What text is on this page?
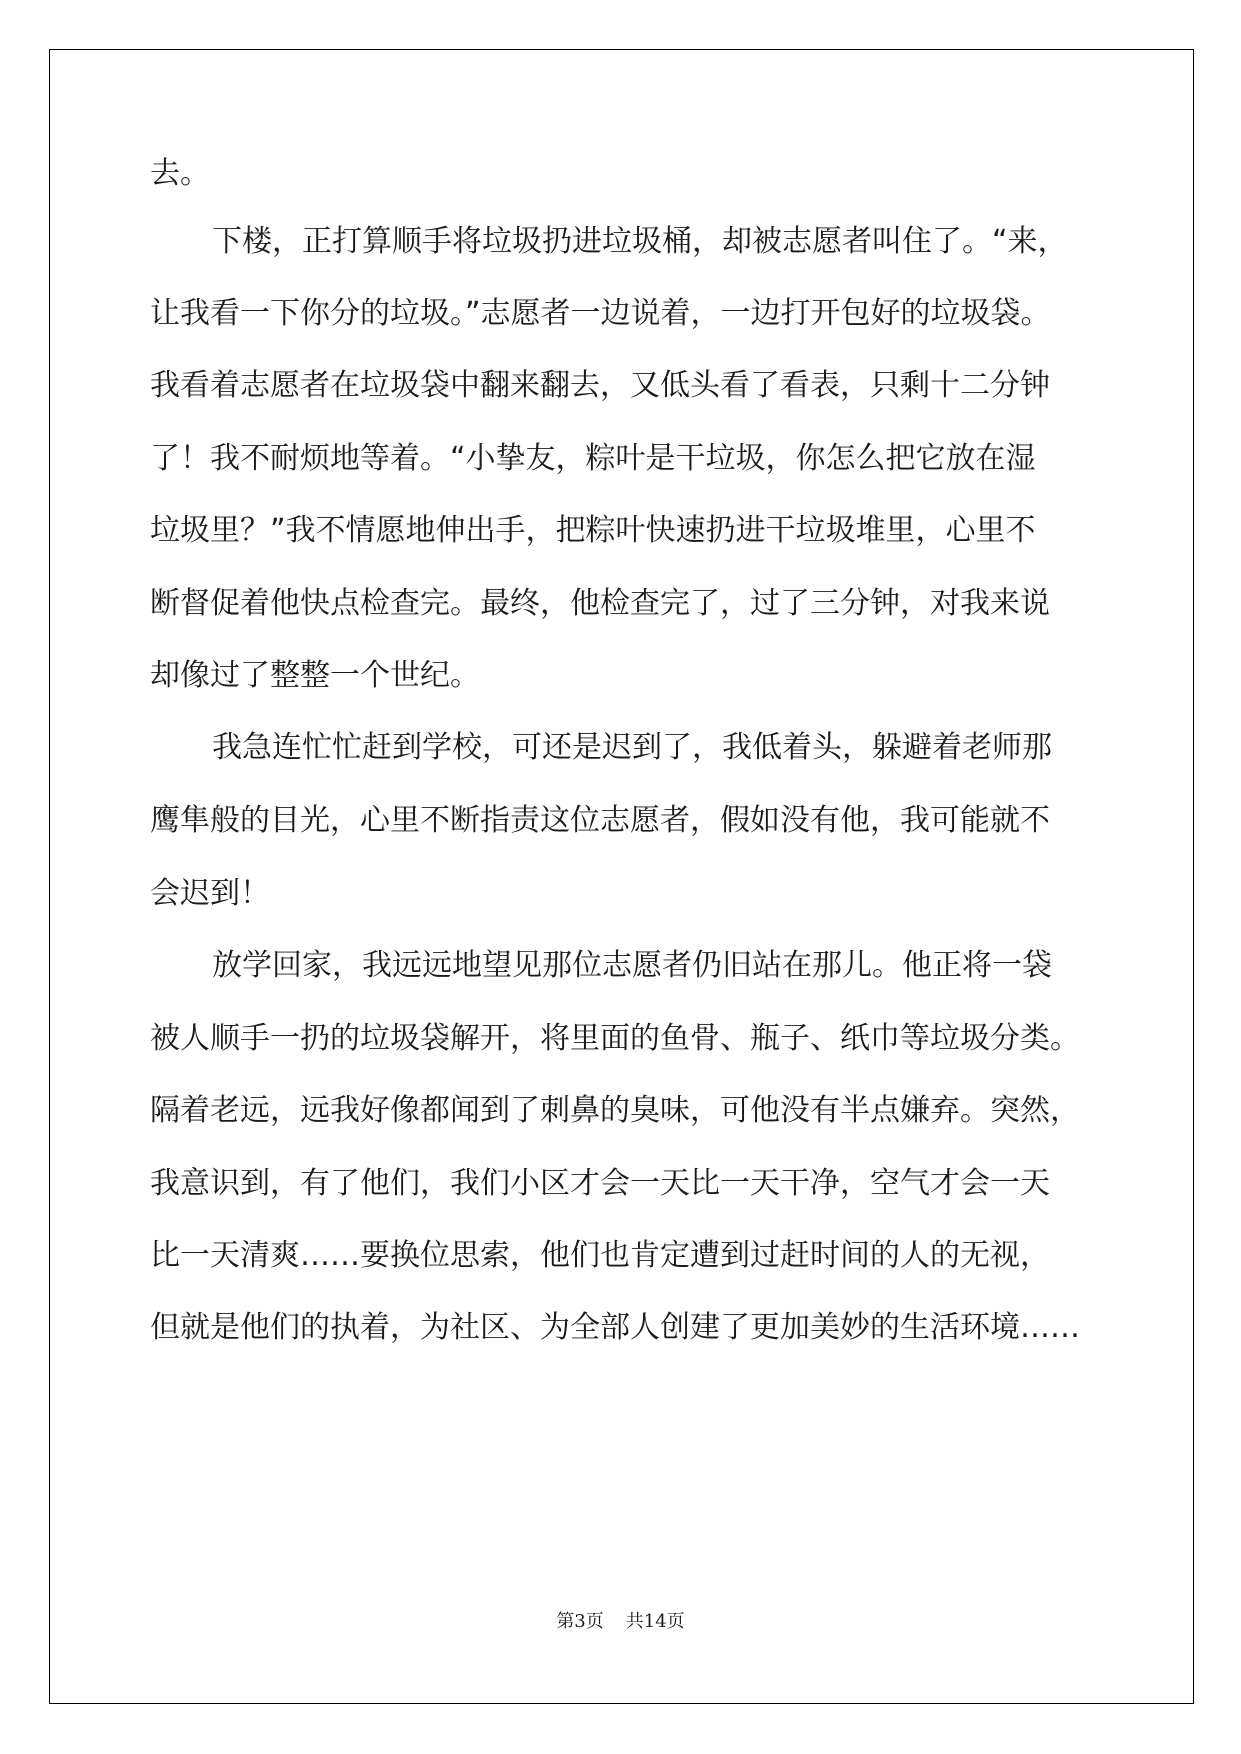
去。

下楼，正打算顺手将垃圾扔进垃圾桶，却被志愿者叫住了。“来，

让我看一下你分的垃圾。”志愿者一边说着，一边打开包好的垃圾袋。

我看着志愿者在垃圾袋中翻来翻去，又低头看了看表，只剩十二分钟

了！我不耐烦地等着。“小挚友，粽叶是干垃圾，你怎么把它放在湿

垃圾里？”我不情愿地伸出手，把粽叶快速扔进干垃圾堆里，心里不

断督促着他快点检查完。最终，他检查完了，过了三分钟，对我来说

却像过了整整一个世纪。

我急连忙忙赶到学校，可还是迟到了，我低着头，躲避着老师那

鹰隼般的目光，心里不断指责这位志愿者，假如没有他，我可能就不

会迟到！

放学回家，我远远地望见那位志愿者仍旧站在那儿。他正将一袋

被人顺手一扔的垃圾袋解开，将里面的鱼骨、瓶子、纸巾等垃圾分类。

隔着老远，远我好像都闻到了刺鼻的臭味，可他没有半点嫌弃。突然，

我意识到，有了他们，我们小区才会一天比一天干净，空气才会一天

比一天清爽……要换位思索，他们也肯定遭到过赶时间的人的无视，

但就是他们的执着，为社区、为全部人创建了更加美妙的生活环境……

第3页 共14页
